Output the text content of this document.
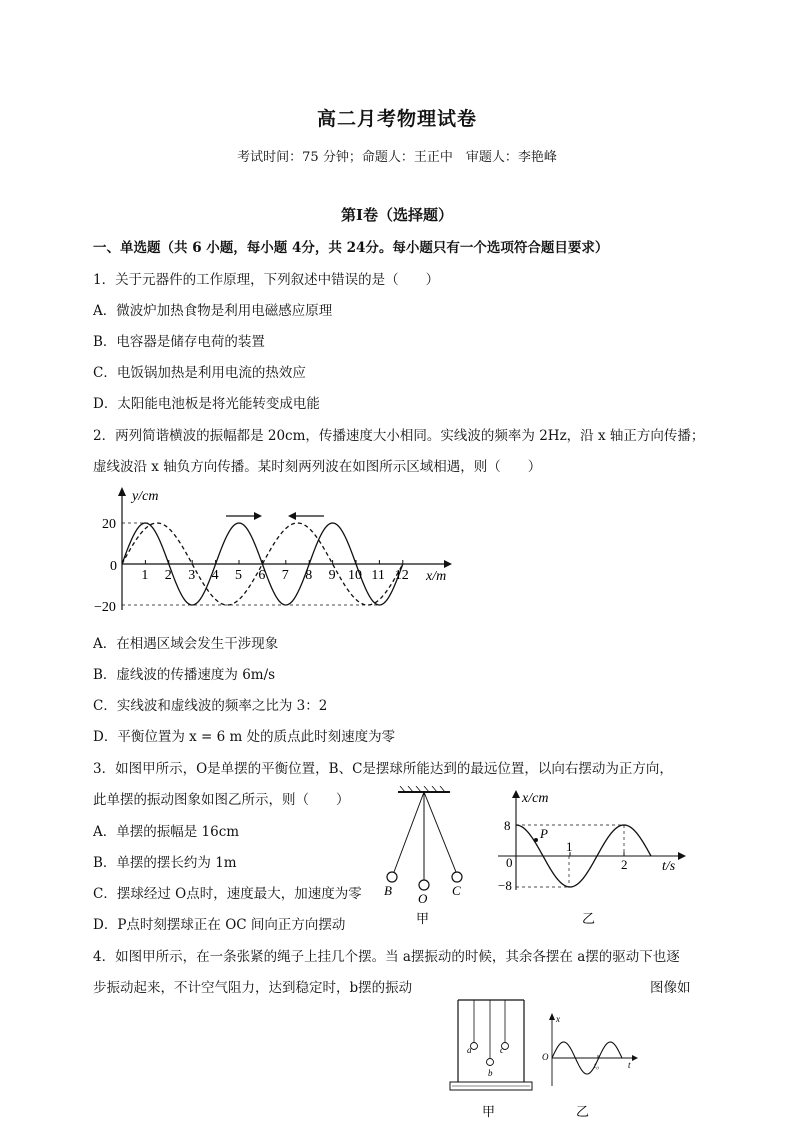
高二月考物理试卷
考试时间：75 分钟；命题人：王正中　审题人：李艳峰
第Ⅰ卷（选择题）
一、单选题（共 6 小题，每小题 4分，共 24分。每小题只有一个选项符合题目要求）
1．关于元器件的工作原理，下列叙述中错误的是（　　）
A．微波炉加热食物是利用电磁感应原理
B．电容器是储存电荷的装置
C．电饭锅加热是利用电流的热效应
D．太阳能电池板是将光能转变成电能
2．两列简谐横波的振幅都是 20cm，传播速度大小相同。实线波的频率为 2Hz，沿 x 轴正方向传播；
虚线波沿 x 轴负方向传播。某时刻两列波在如图所示区域相遇，则（　　）
1 2 3 4 5 6 7 8 9 10 11 12
y/cm
x/m
20
0
−20
A．在相遇区域会发生干涉现象
B．虚线波的传播速度为 6m/s
C．实线波和虚线波的频率之比为 3：2
D．平衡位置为 x = 6 m 处的质点此时刻速度为零
3．如图甲所示，O是单摆的平衡位置，B、C是摆球所能达到的最远位置，以向右摆动为正方向，
此单摆的振动图象如图乙所示，则（　　）
A．单摆的振幅是 16cm
B．单摆的摆长约为 1m
C．摆球经过 O点时，速度最大，加速度为零
D．P点时刻摆球正在 OC 间向正方向摆动
B
O
C
甲
x/cm
t/s
8
0
−8
1
2
P
乙
4．如图甲所示，在一条张紧的绳子上挂几个摆。当 a摆振动的时候，其余各摆在 a摆的驱动下也逐
步振动起来，不计空气阻力，达到稳定时，b摆的振动	图像如
a
b
c
甲
x
t
O
t₀
乙
